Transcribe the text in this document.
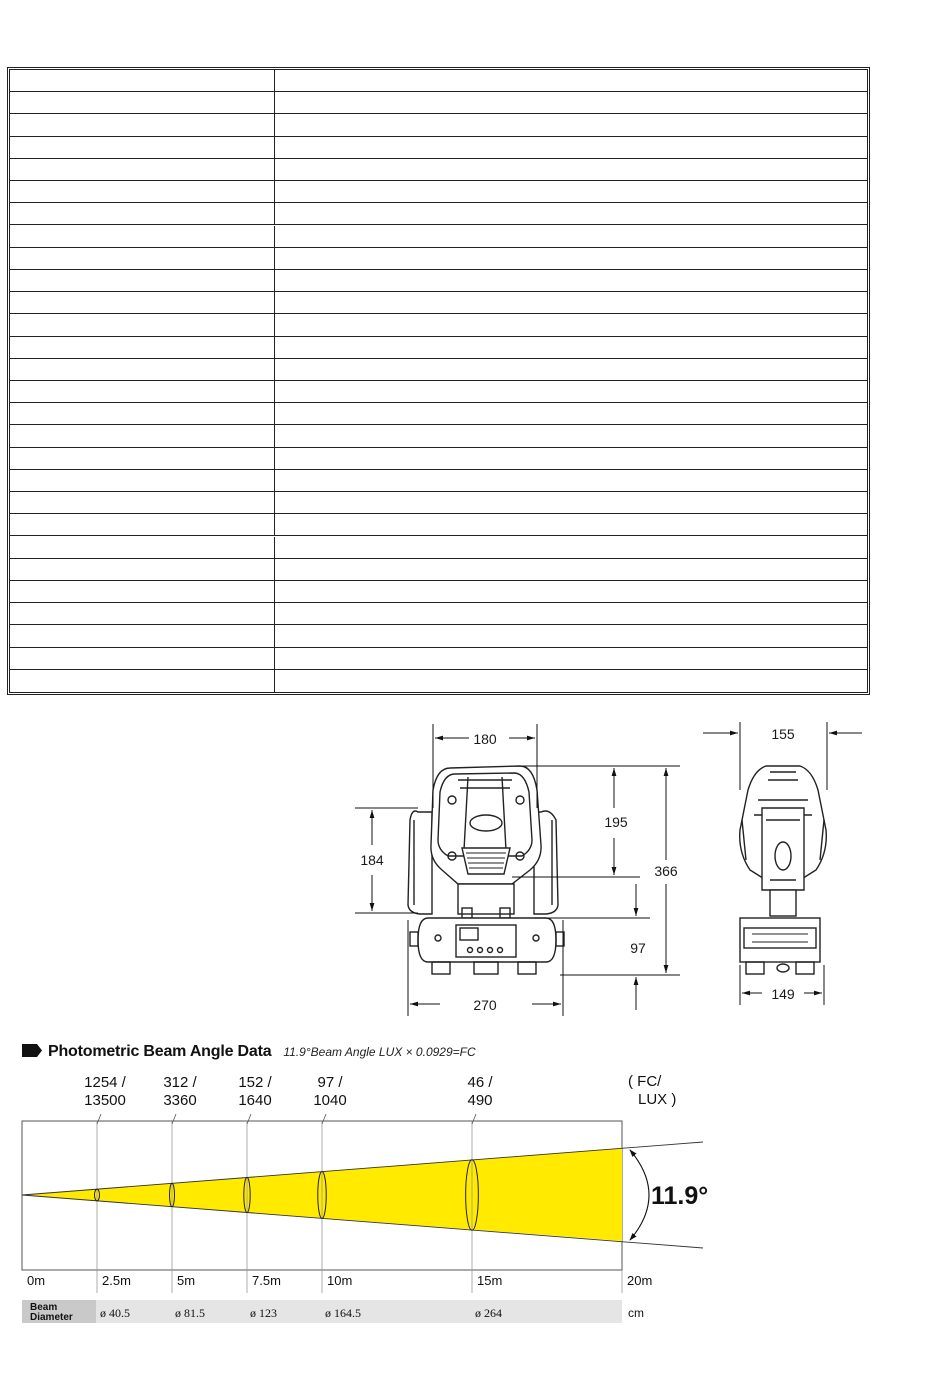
180
195
366
184
97
270
155
149
Photometric Beam Angle Data 11.9°Beam Angle LUX × 0.0929=FC
11.9°
0m	2.5m	5m	7.5m	10m	15m	20m
1254 /
13500
312 /
3360
152 /
1640
97 /
1040
46 /
490
( FC/
LUX )
Beam
Diameter	cm
ø 40.5	ø 81.5	ø 123	ø 164.5	ø 264
